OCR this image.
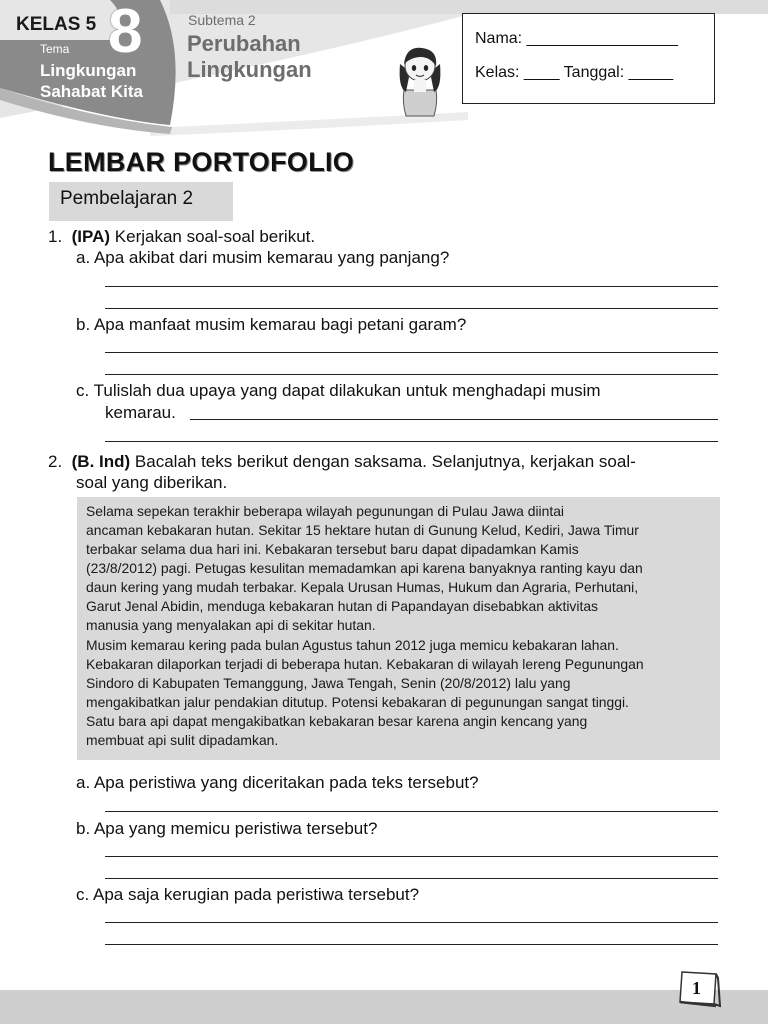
KELAS 5 8
Tema
Lingkungan
Sahabat Kita
Subtema 2
Perubahan
Lingkungan
Nama: _________________
Kelas: ____ Tanggal: _____
LEMBAR PORTOFOLIO
Pembelajaran 2
1. (IPA) Kerjakan soal-soal berikut.
a. Apa akibat dari musim kemarau yang panjang?
b. Apa manfaat musim kemarau bagi petani garam?
c. Tulislah dua upaya yang dapat dilakukan untuk menghadapi musim
kemarau.
2. (B. Ind) Bacalah teks berikut dengan saksama. Selanjutnya, kerjakan soal-
soal yang diberikan.
Selama sepekan terakhir beberapa wilayah pegunungan di Pulau Jawa diintai
ancaman kebakaran hutan. Sekitar 15 hektare hutan di Gunung Kelud, Kediri, Jawa Timur
terbakar selama dua hari ini. Kebakaran tersebut baru dapat dipadamkan Kamis
(23/8/2012) pagi. Petugas kesulitan memadamkan api karena banyaknya ranting kayu dan
daun kering yang mudah terbakar. Kepala Urusan Humas, Hukum dan Agraria, Perhutani,
Garut Jenal Abidin, menduga kebakaran hutan di Papandayan disebabkan aktivitas
manusia yang menyalakan api di sekitar hutan.
Musim kemarau kering pada bulan Agustus tahun 2012 juga memicu kebakaran lahan.
Kebakaran dilaporkan terjadi di beberapa hutan. Kebakaran di wilayah lereng Pegunungan
Sindoro di Kabupaten Temanggung, Jawa Tengah, Senin (20/8/2012) lalu yang
mengakibatkan jalur pendakian ditutup. Potensi kebakaran di pegunungan sangat tinggi.
Satu bara api dapat mengakibatkan kebakaran besar karena angin kencang yang
membuat api sulit dipadamkan.
a. Apa peristiwa yang diceritakan pada teks tersebut?
b. Apa yang memicu peristiwa tersebut?
c. Apa saja kerugian pada peristiwa tersebut?
1
